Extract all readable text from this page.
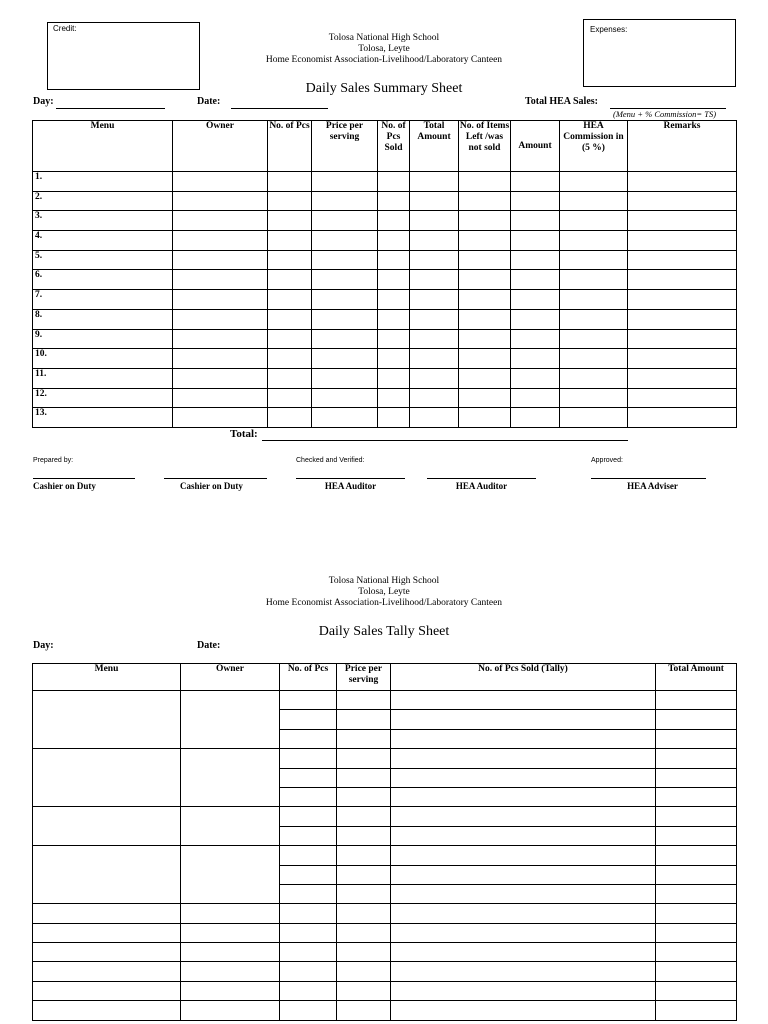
Credit:	Expenses:
Tolosa National High School
Tolosa, Leyte
Home Economist Association-Livelihood/Laboratory Canteen
Daily Sales Summary Sheet
Day:	Date:	Total HEA Sales:
(Menu + % Commission= TS)
Menu	Owner	No. of Pcs	Price per serving	No. of Pcs Sold	Total Amount	No. of Items Left /was not sold	Amount	HEA Commission in (5 %)	Remarks
1.									
2.									
3.									
4.									
5.									
6.									
7.									
8.									
9.									
10.									
11.									
12.									
13.									
Total:
Prepared by:	Checked and Verified:	Approved:
Cashier on Duty	Cashier on Duty	HEA Auditor	HEA Auditor	HEA Adviser
Tolosa National High School
Tolosa, Leyte
Home Economist Association-Livelihood/Laboratory Canteen
Daily Sales Tally Sheet
Day:	Date:
Menu	Owner	No. of Pcs	Price per serving	No. of Pcs Sold (Tally)	Total Amount
